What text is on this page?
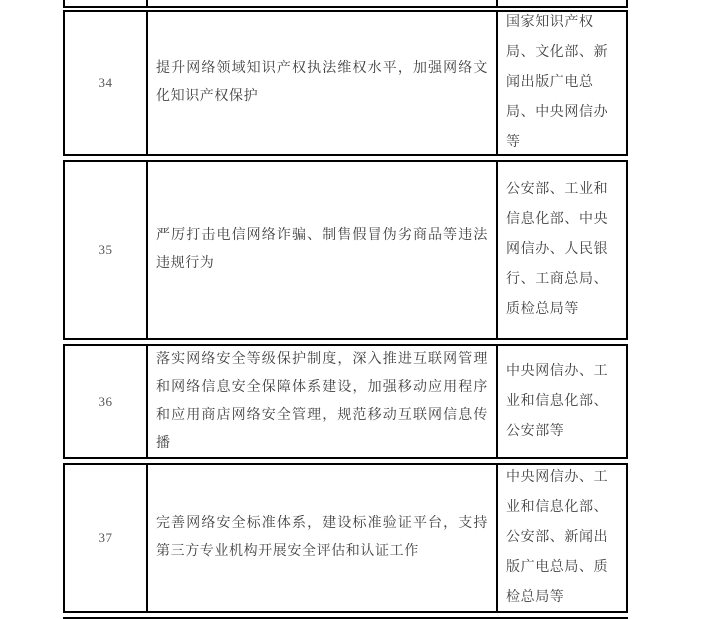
34
提升网络领域知识产权执法维权水平，加强网络文化知识产权保护
国家知识产权局、文化部、新闻出版广电总局、中央网信办等
35
严厉打击电信网络诈骗、制售假冒伪劣商品等违法违规行为
公安部、工业和信息化部、中央网信办、人民银行、工商总局、质检总局等
36
落实网络安全等级保护制度，深入推进互联网管理和网络信息安全保障体系建设，加强移动应用程序和应用商店网络安全管理，规范移动互联网信息传播
中央网信办、工业和信息化部、公安部等
37
完善网络安全标准体系，建设标准验证平台，支持第三方专业机构开展安全评估和认证工作
中央网信办、工业和信息化部、公安部、新闻出版广电总局、质检总局等
